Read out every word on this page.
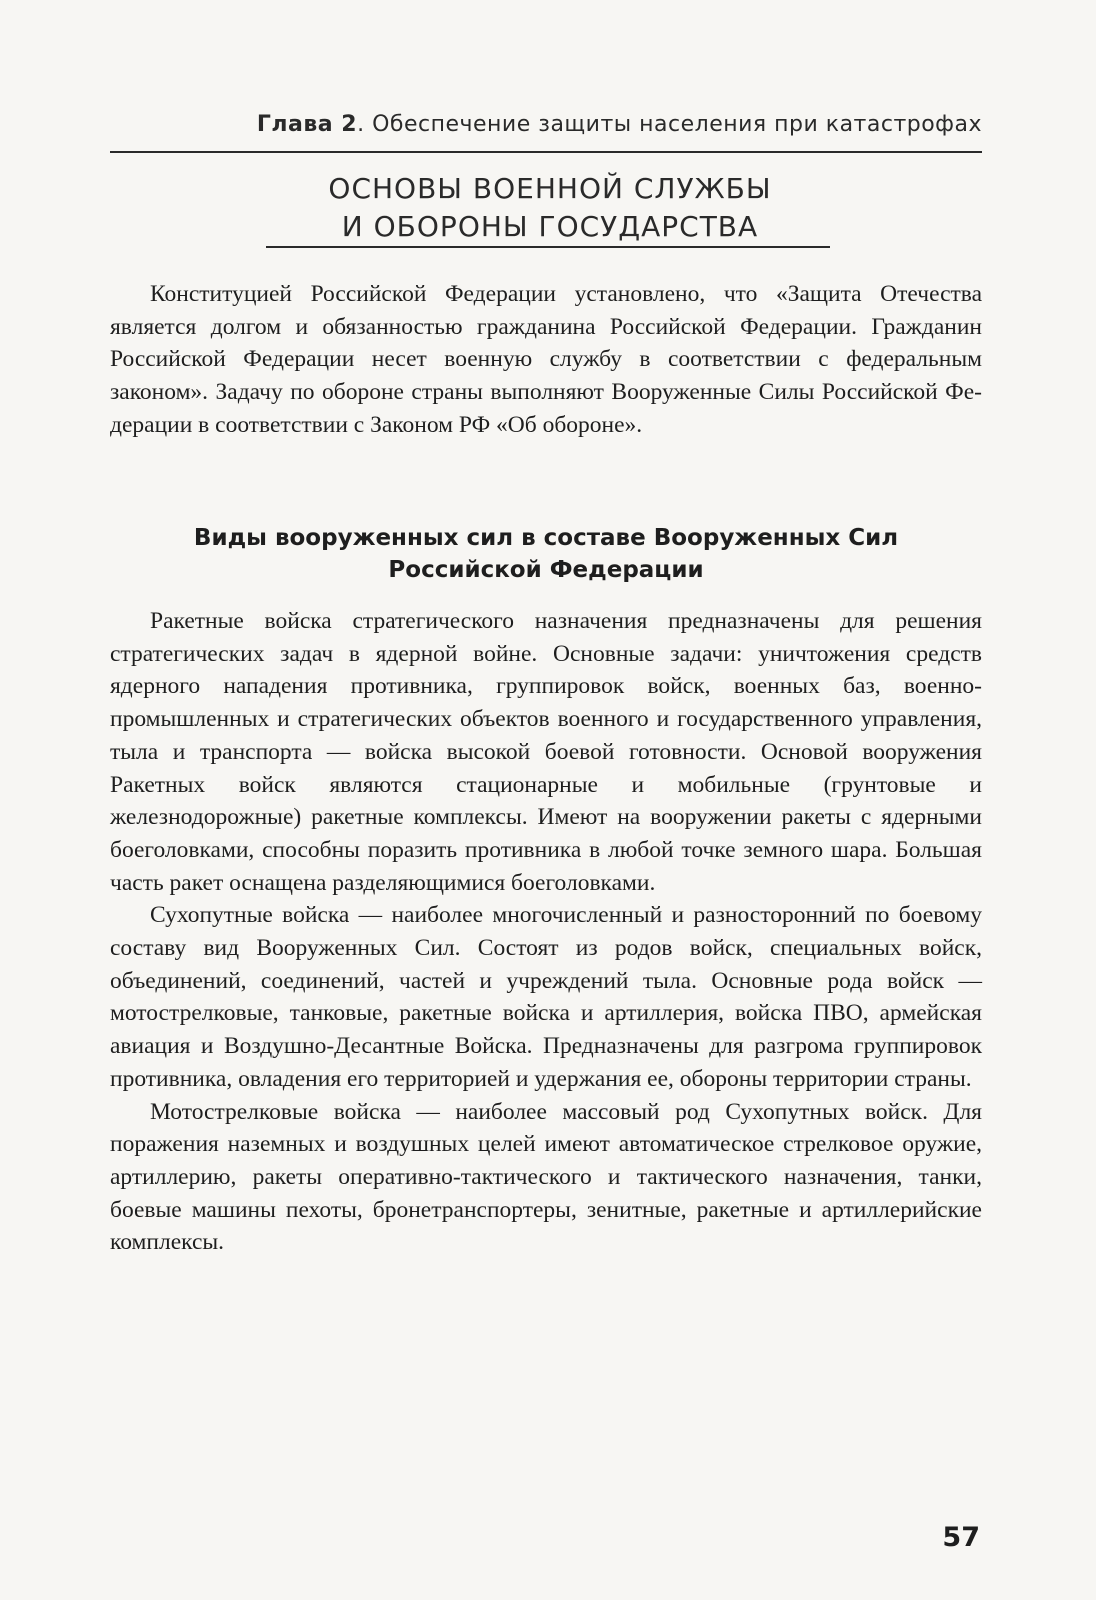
Глава 2. Обеспечение защиты населения при катастрофах
ОСНОВЫ ВОЕННОЙ СЛУЖБЫ
И ОБОРОНЫ ГОСУДАРСТВА

Конституцией Российской Федерации установлено, что «Защита Отечества является долгом и обязанностью гражданина Российской Федерации. Гражданин Российской Федерации несет военную службу в соответствии с федеральным законом». Задачу по обороне страны выполняют Вооруженные Силы Российской Федерации в соответствии с Законом РФ «Об обороне».

Виды вооруженных сил в составе Вооруженных Сил
Российской Федерации

Ракетные войска стратегического назначения предназначены для решения стратегических задач в ядерной войне. Основные задачи: уничтожения средств ядерного нападения противника, группировок войск, военных баз, военно-промышленных и стратегических объектов военного и государственного управления, тыла и транспорта — войска высокой боевой готовности. Основой вооружения Ракетных войск являются стационарные и мобильные (грунтовые и железнодорожные) ракетные комплексы. Имеют на вооружении ракеты с ядерными боеголовками, способны поразить противника в любой точке земного шара. Большая часть ракет оснащена разделяющимися боеголовками.

Сухопутные войска — наиболее многочисленный и разносторонний по боевому составу вид Вооруженных Сил. Состоят из родов войск, специальных войск, объединений, соединений, частей и учреждений тыла. Основные рода войск — мотострелковые, танковые, ракетные войска и артиллерия, войска ПВО, армейская авиация и Воздушно-Десантные Войска. Предназначены для разгрома группировок противника, овладения его территорией и удержания ее, обороны территории страны.

Мотострелковые войска — наиболее массовый род Сухопутных войск. Для поражения наземных и воздушных целей имеют автоматическое стрелковое оружие, артиллерию, ракеты оперативно-тактического и тактического назначения, танки, боевые машины пехоты, бронетранспортеры, зенитные, ракетные и артиллерийские комплексы.

57
